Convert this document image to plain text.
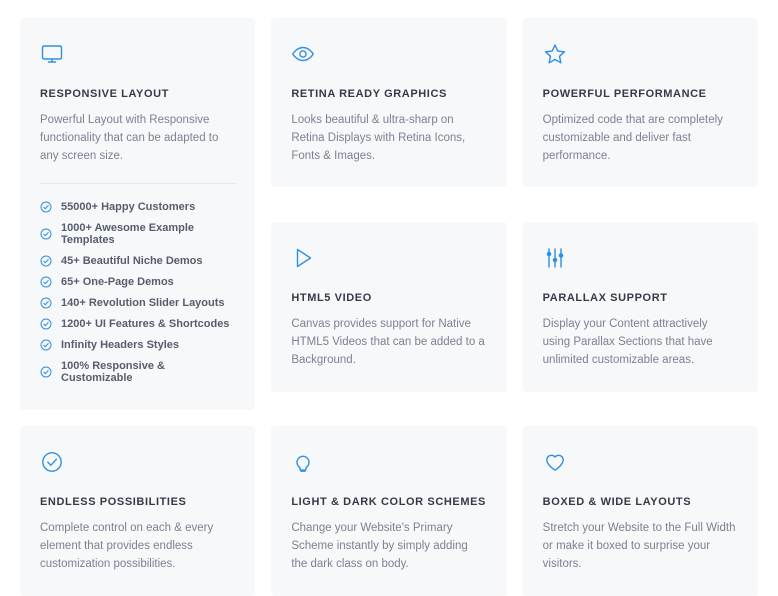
RESPONSIVE LAYOUT

Powerful Layout with Responsive functionality that can be adapted to any screen size.

55000+ Happy Customers
1000+ Awesome Example Templates
45+ Beautiful Niche Demos
65+ One-Page Demos
140+ Revolution Slider Layouts
1200+ UI Features & Shortcodes
Infinity Headers Styles
100% Responsive & Customizable
RETINA READY GRAPHICS

Looks beautiful & ultra-sharp on Retina Displays with Retina Icons, Fonts & Images.

POWERFUL PERFORMANCE

Optimized code that are completely customizable and deliver fast performance.

HTML5 VIDEO

Canvas provides support for Native HTML5 Videos that can be added to a Background.

PARALLAX SUPPORT

Display your Content attractively using Parallax Sections that have unlimited customizable areas.

ENDLESS POSSIBILITIES

Complete control on each & every element that provides endless customization possibilities.

LIGHT & DARK COLOR SCHEMES

Change your Website's Primary Scheme instantly by simply adding the dark class on body.

BOXED & WIDE LAYOUTS

Stretch your Website to the Full Width or make it boxed to surprise your visitors.
